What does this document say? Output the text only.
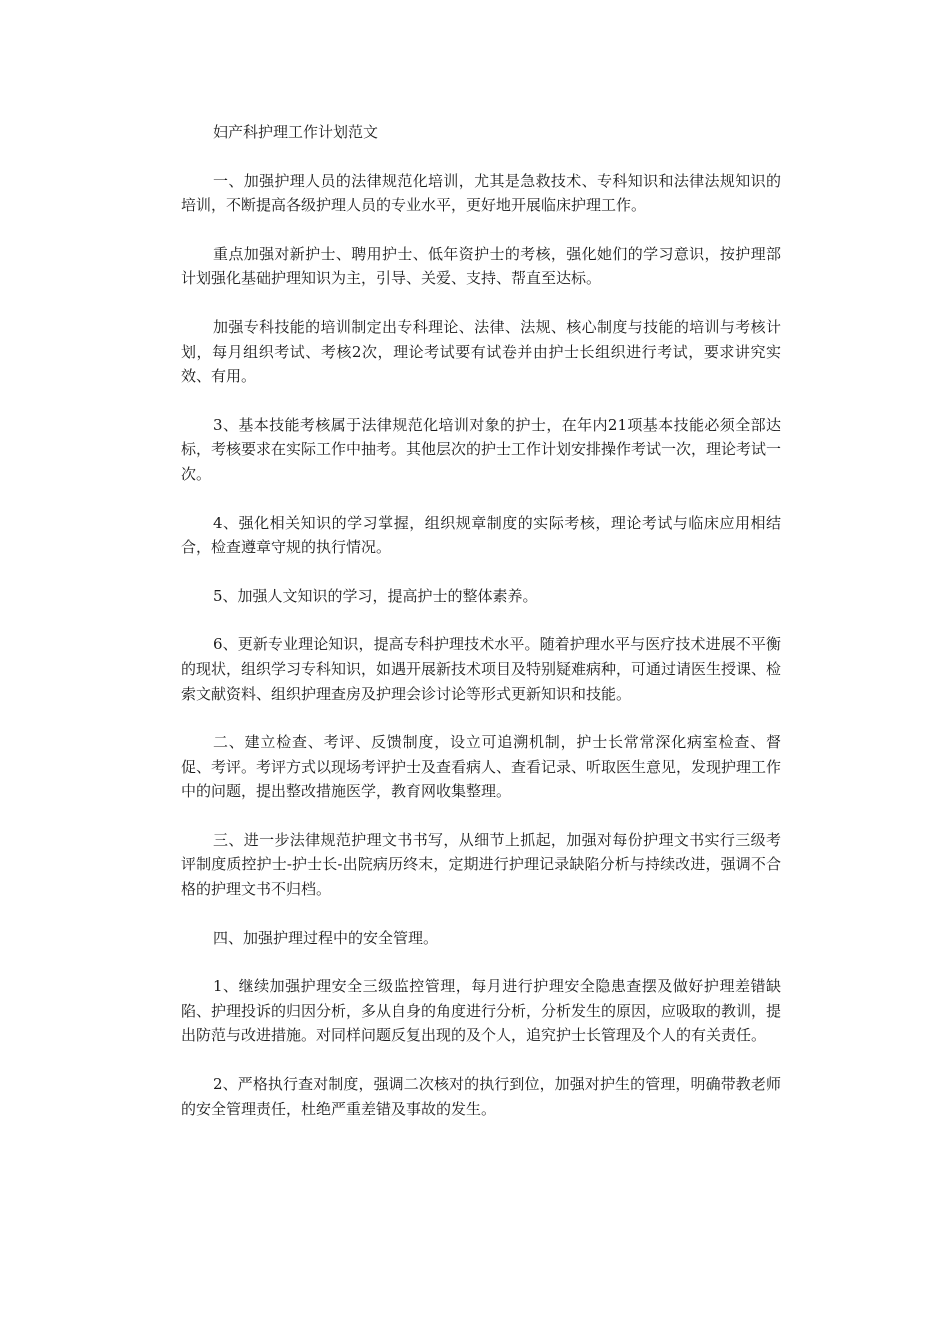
妇产科护理工作计划范文

一、加强护理人员的法律规范化培训，尤其是急救技术、专科知识和法律法规知识的培训，不断提高各级护理人员的专业水平，更好地开展临床护理工作。

重点加强对新护士、聘用护士、低年资护士的考核，强化她们的学习意识，按护理部计划强化基础护理知识为主，引导、关爱、支持、帮直至达标。

加强专科技能的培训制定出专科理论、法律、法规、核心制度与技能的培训与考核计划，每月组织考试、考核2次，理论考试要有试卷并由护士长组织进行考试，要求讲究实效、有用。

3、基本技能考核属于法律规范化培训对象的护士，在年内21项基本技能必须全部达标，考核要求在实际工作中抽考。其他层次的护士工作计划安排操作考试一次，理论考试一次。

4、强化相关知识的学习掌握，组织规章制度的实际考核，理论考试与临床应用相结合，检查遵章守规的执行情况。

5、加强人文知识的学习，提高护士的整体素养。

6、更新专业理论知识，提高专科护理技术水平。随着护理水平与医疗技术进展不平衡的现状，组织学习专科知识，如遇开展新技术项目及特别疑难病种，可通过请医生授课、检索文献资料、组织护理查房及护理会诊讨论等形式更新知识和技能。

二、建立检查、考评、反馈制度，设立可追溯机制，护士长常常深化病室检查、督促、考评。考评方式以现场考评护士及查看病人、查看记录、听取医生意见，发现护理工作中的问题，提出整改措施医学，教育网收集整理。

三、进一步法律规范护理文书书写，从细节上抓起，加强对每份护理文书实行三级考评制度质控护士-护士长-出院病历终末，定期进行护理记录缺陷分析与持续改进，强调不合格的护理文书不归档。

四、加强护理过程中的安全管理。

1、继续加强护理安全三级监控管理，每月进行护理安全隐患查摆及做好护理差错缺陷、护理投诉的归因分析，多从自身的角度进行分析，分析发生的原因，应吸取的教训，提出防范与改进措施。对同样问题反复出现的及个人，追究护士长管理及个人的有关责任。

2、严格执行查对制度，强调二次核对的执行到位，加强对护生的管理，明确带教老师的安全管理责任，杜绝严重差错及事故的发生。
